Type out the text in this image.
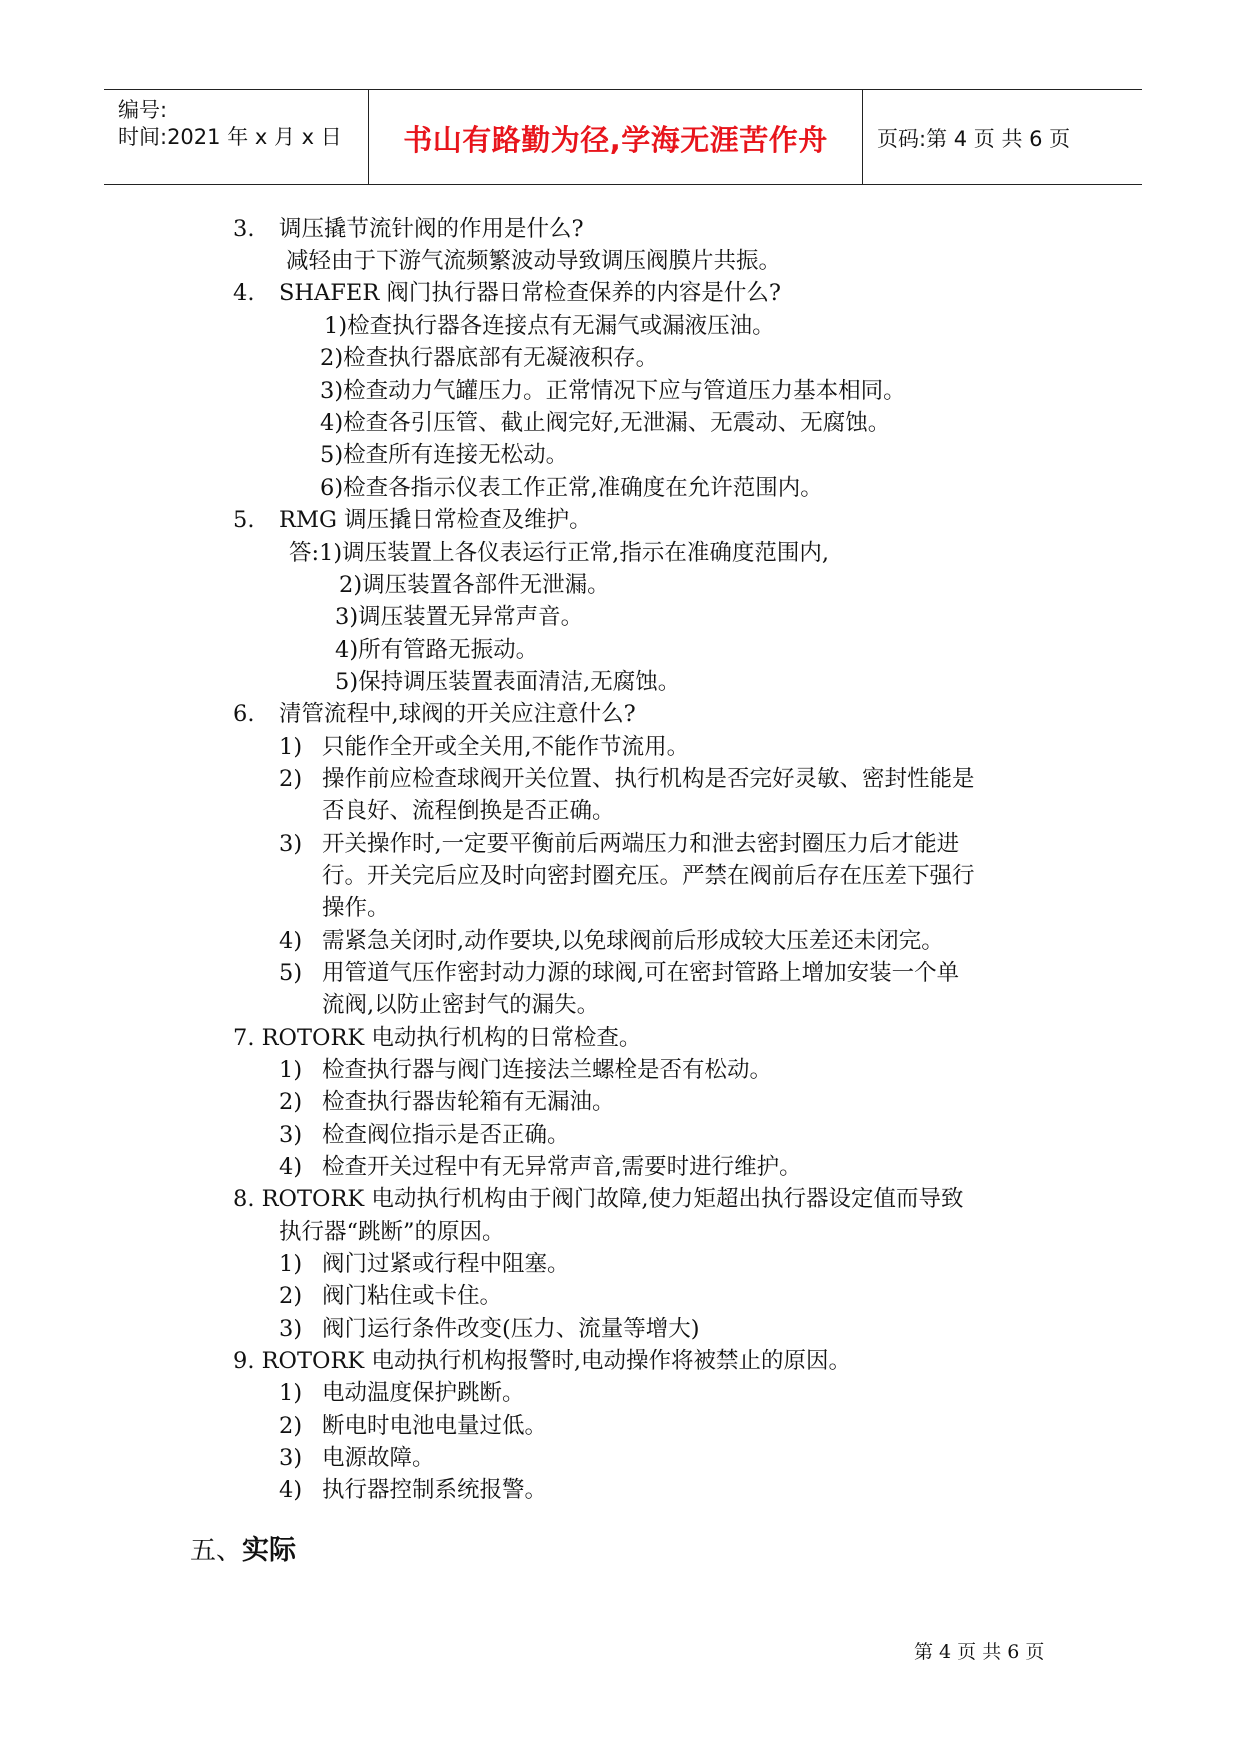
编号:
时间:2021 年 x 月 x 日	书山有路勤为径,学海无涯苦作舟	页码:第 4 页 共 6 页
3. 调压撬节流针阀的作用是什么?
减轻由于下游气流频繁波动导致调压阀膜片共振。
4. SHAFER 阀门执行器日常检查保养的内容是什么?
1)检查执行器各连接点有无漏气或漏液压油。
2)检查执行器底部有无凝液积存。
3)检查动力气罐压力。正常情况下应与管道压力基本相同。
4)检查各引压管、截止阀完好,无泄漏、无震动、无腐蚀。
5)检查所有连接无松动。
6)检查各指示仪表工作正常,准确度在允许范围内。
5. RMG 调压撬日常检查及维护。
答:1)调压装置上各仪表运行正常,指示在准确度范围内,
2)调压装置各部件无泄漏。
3)调压装置无异常声音。
4)所有管路无振动。
5)保持调压装置表面清洁,无腐蚀。
6. 清管流程中,球阀的开关应注意什么?
1) 只能作全开或全关用,不能作节流用。
2) 操作前应检查球阀开关位置、执行机构是否完好灵敏、密封性能是
否良好、流程倒换是否正确。
3) 开关操作时,一定要平衡前后两端压力和泄去密封圈压力后才能进
行。开关完后应及时向密封圈充压。严禁在阀前后存在压差下强行
操作。
4) 需紧急关闭时,动作要块,以免球阀前后形成较大压差还未闭完。
5) 用管道气压作密封动力源的球阀,可在密封管路上增加安装一个单
流阀,以防止密封气的漏失。
7. ROTORK 电动执行机构的日常检查。
1) 检查执行器与阀门连接法兰螺栓是否有松动。
2) 检查执行器齿轮箱有无漏油。
3) 检查阀位指示是否正确。
4) 检查开关过程中有无异常声音,需要时进行维护。
8. ROTORK 电动执行机构由于阀门故障,使力矩超出执行器设定值而导致
执行器“跳断”的原因。
1) 阀门过紧或行程中阻塞。
2) 阀门粘住或卡住。
3) 阀门运行条件改变(压力、流量等增大)
9. ROTORK 电动执行机构报警时,电动操作将被禁止的原因。
1) 电动温度保护跳断。
2) 断电时电池电量过低。
3) 电源故障。
4) 执行器控制系统报警。
五、实际
第 4 页 共 6 页
